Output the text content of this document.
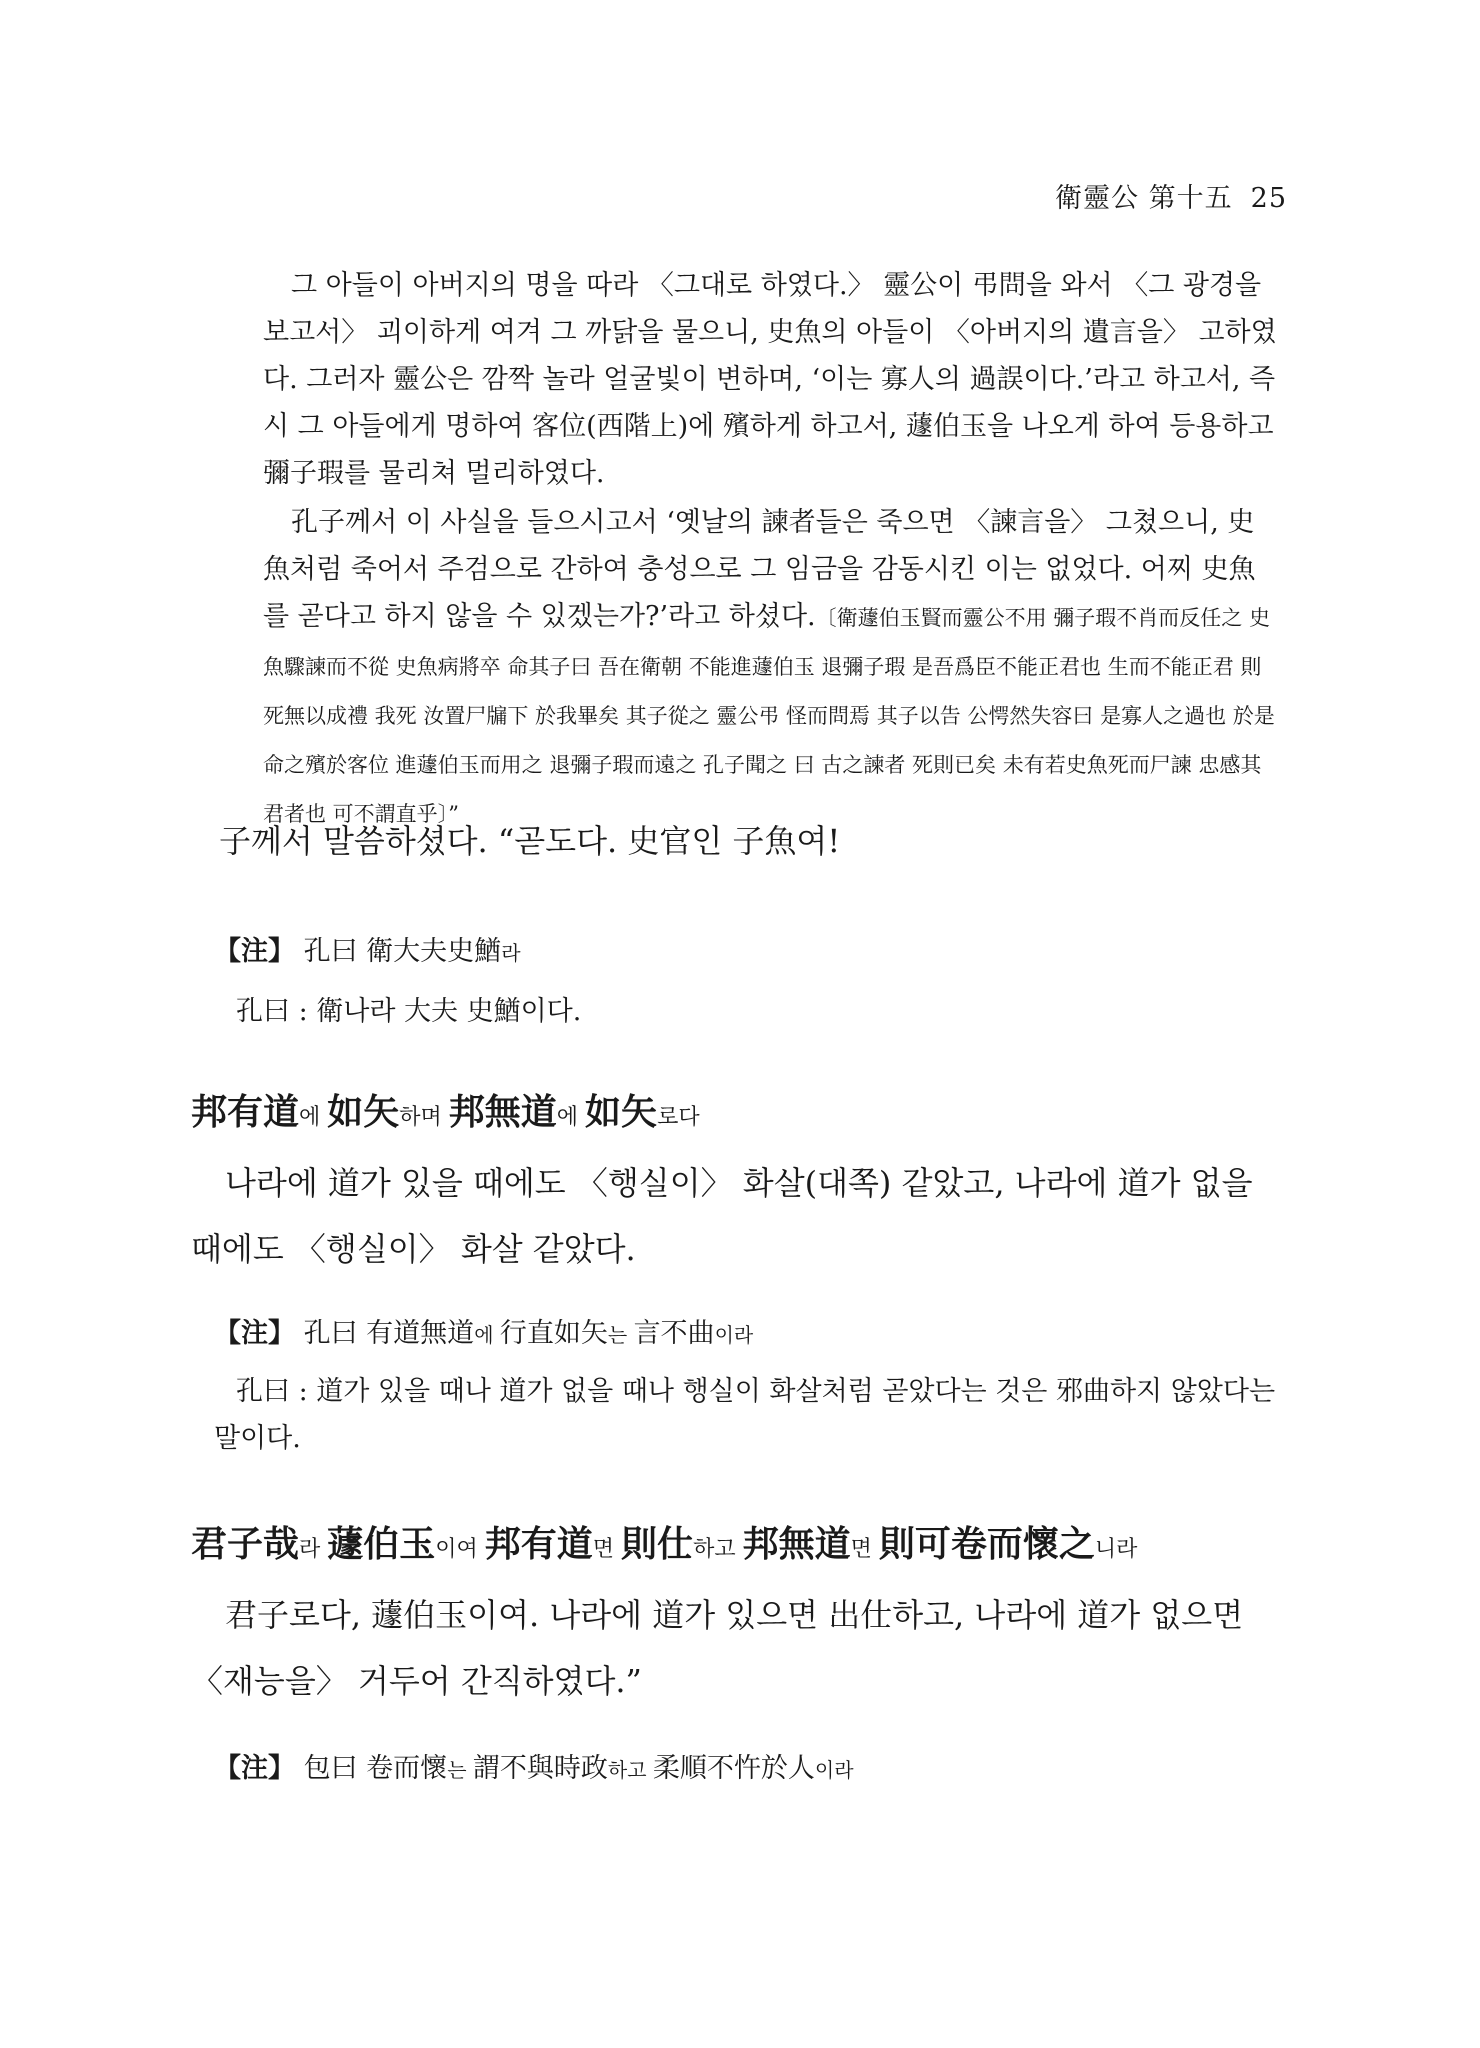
衛靈公 第十五 25

그 아들이 아버지의 명을 따라 〈그대로 하였다.〉 靈公이 弔問을 와서 〈그 광경을 보고서〉 괴이하게 여겨 그 까닭을 물으니, 史魚의 아들이 〈아버지의 遺言을〉 고하였다. 그러자 靈公은 깜짝 놀라 얼굴빛이 변하며, ‘이는 寡人의 過誤이다.’라고 하고서, 즉시 그 아들에게 명하여 客位(西階上)에 殯하게 하고서, 蘧伯玉을 나오게 하여 등용하고 彌子瑕를 물리쳐 멀리하였다.

孔子께서 이 사실을 들으시고서 ‘옛날의 諫者들은 죽으면 〈諫言을〉 그쳤으니, 史魚처럼 죽어서 주검으로 간하여 충성으로 그 임금을 감동시킨 이는 없었다. 어찌 史魚를 곧다고 하지 않을 수 있겠는가?’라고 하셨다.〔衛蘧伯玉賢而靈公不用 彌子瑕不肖而反任之 史魚驟諫而不從 史魚病將卒 命其子曰 吾在衛朝 不能進蘧伯玉 退彌子瑕 是吾爲臣不能正君也 生而不能正君 則死無以成禮 我死 汝置尸牖下 於我畢矣 其子從之 靈公弔 怪而問焉 其子以告 公愕然失容曰 是寡人之過也 於是命之殯於客位 進蘧伯玉而用之 退彌子瑕而遠之 孔子聞之 曰 古之諫者 死則已矣 未有若史魚死而尸諫 忠感其君者也 可不謂直乎〕”

子께서 말씀하셨다. “곧도다. 史官인 子魚여!

【注】 孔曰 衛大夫史鰌라

孔曰 : 衛나라 大夫 史鰌이다.

邦有道에 如矢하며 邦無道에 如矢로다

나라에 道가 있을 때에도 〈행실이〉 화살(대쪽) 같았고, 나라에 道가 없을 때에도 〈행실이〉 화살 같았다.

【注】 孔曰 有道無道에 行直如矢는 言不曲이라

孔曰 : 道가 있을 때나 道가 없을 때나 행실이 화살처럼 곧았다는 것은 邪曲하지 않았다는 말이다.

君子哉라 蘧伯玉이여 邦有道면 則仕하고 邦無道면 則可卷而懷之니라

君子로다, 蘧伯玉이여. 나라에 道가 있으면 出仕하고, 나라에 道가 없으면 〈재능을〉 거두어 간직하였다.”

【注】 包曰 卷而懷는 謂不與時政하고 柔順不忤於人이라
